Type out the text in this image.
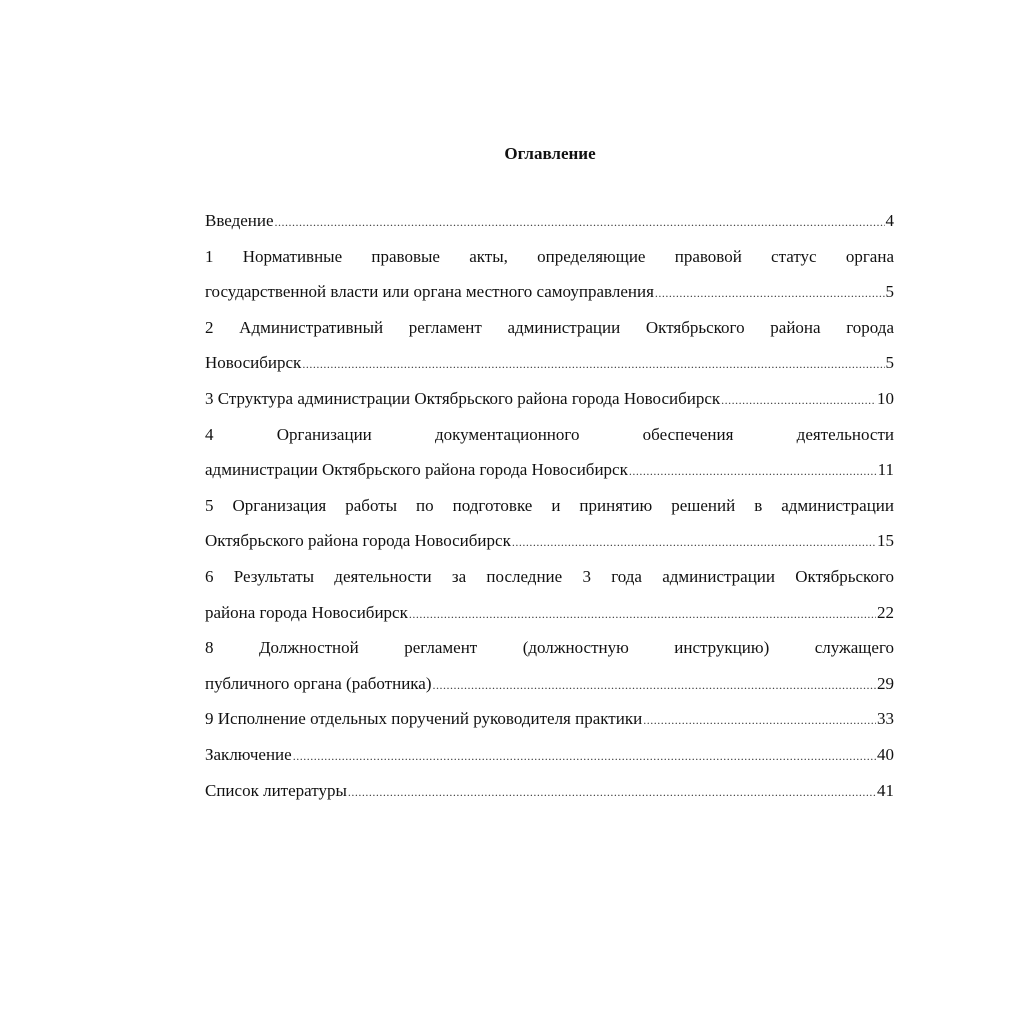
Оглавление
Введение .....	4
1 Нормативные правовые акты, определяющие правовой статус органа
государственной власти или органа местного самоуправления .....	5
2 Административный регламент администрации Октябрьского района города
Новосибирск .....	5
3 Структура администрации Октябрьского района города Новосибирск .....	10
4 Организации документационного обеспечения деятельности
администрации Октябрьского района города Новосибирск .....	11
5 Организация работы по подготовке и принятию решений в администрации
Октябрьского района города Новосибирск .....	15
6 Результаты деятельности за последние 3 года администрации Октябрьского
района города Новосибирск .....	22
8 Должностной регламент (должностную инструкцию) служащего
публичного органа (работника) .....	29
9 Исполнение отдельных поручений руководителя практики .....	33
Заключение .....	40
Список литературы .....	41
